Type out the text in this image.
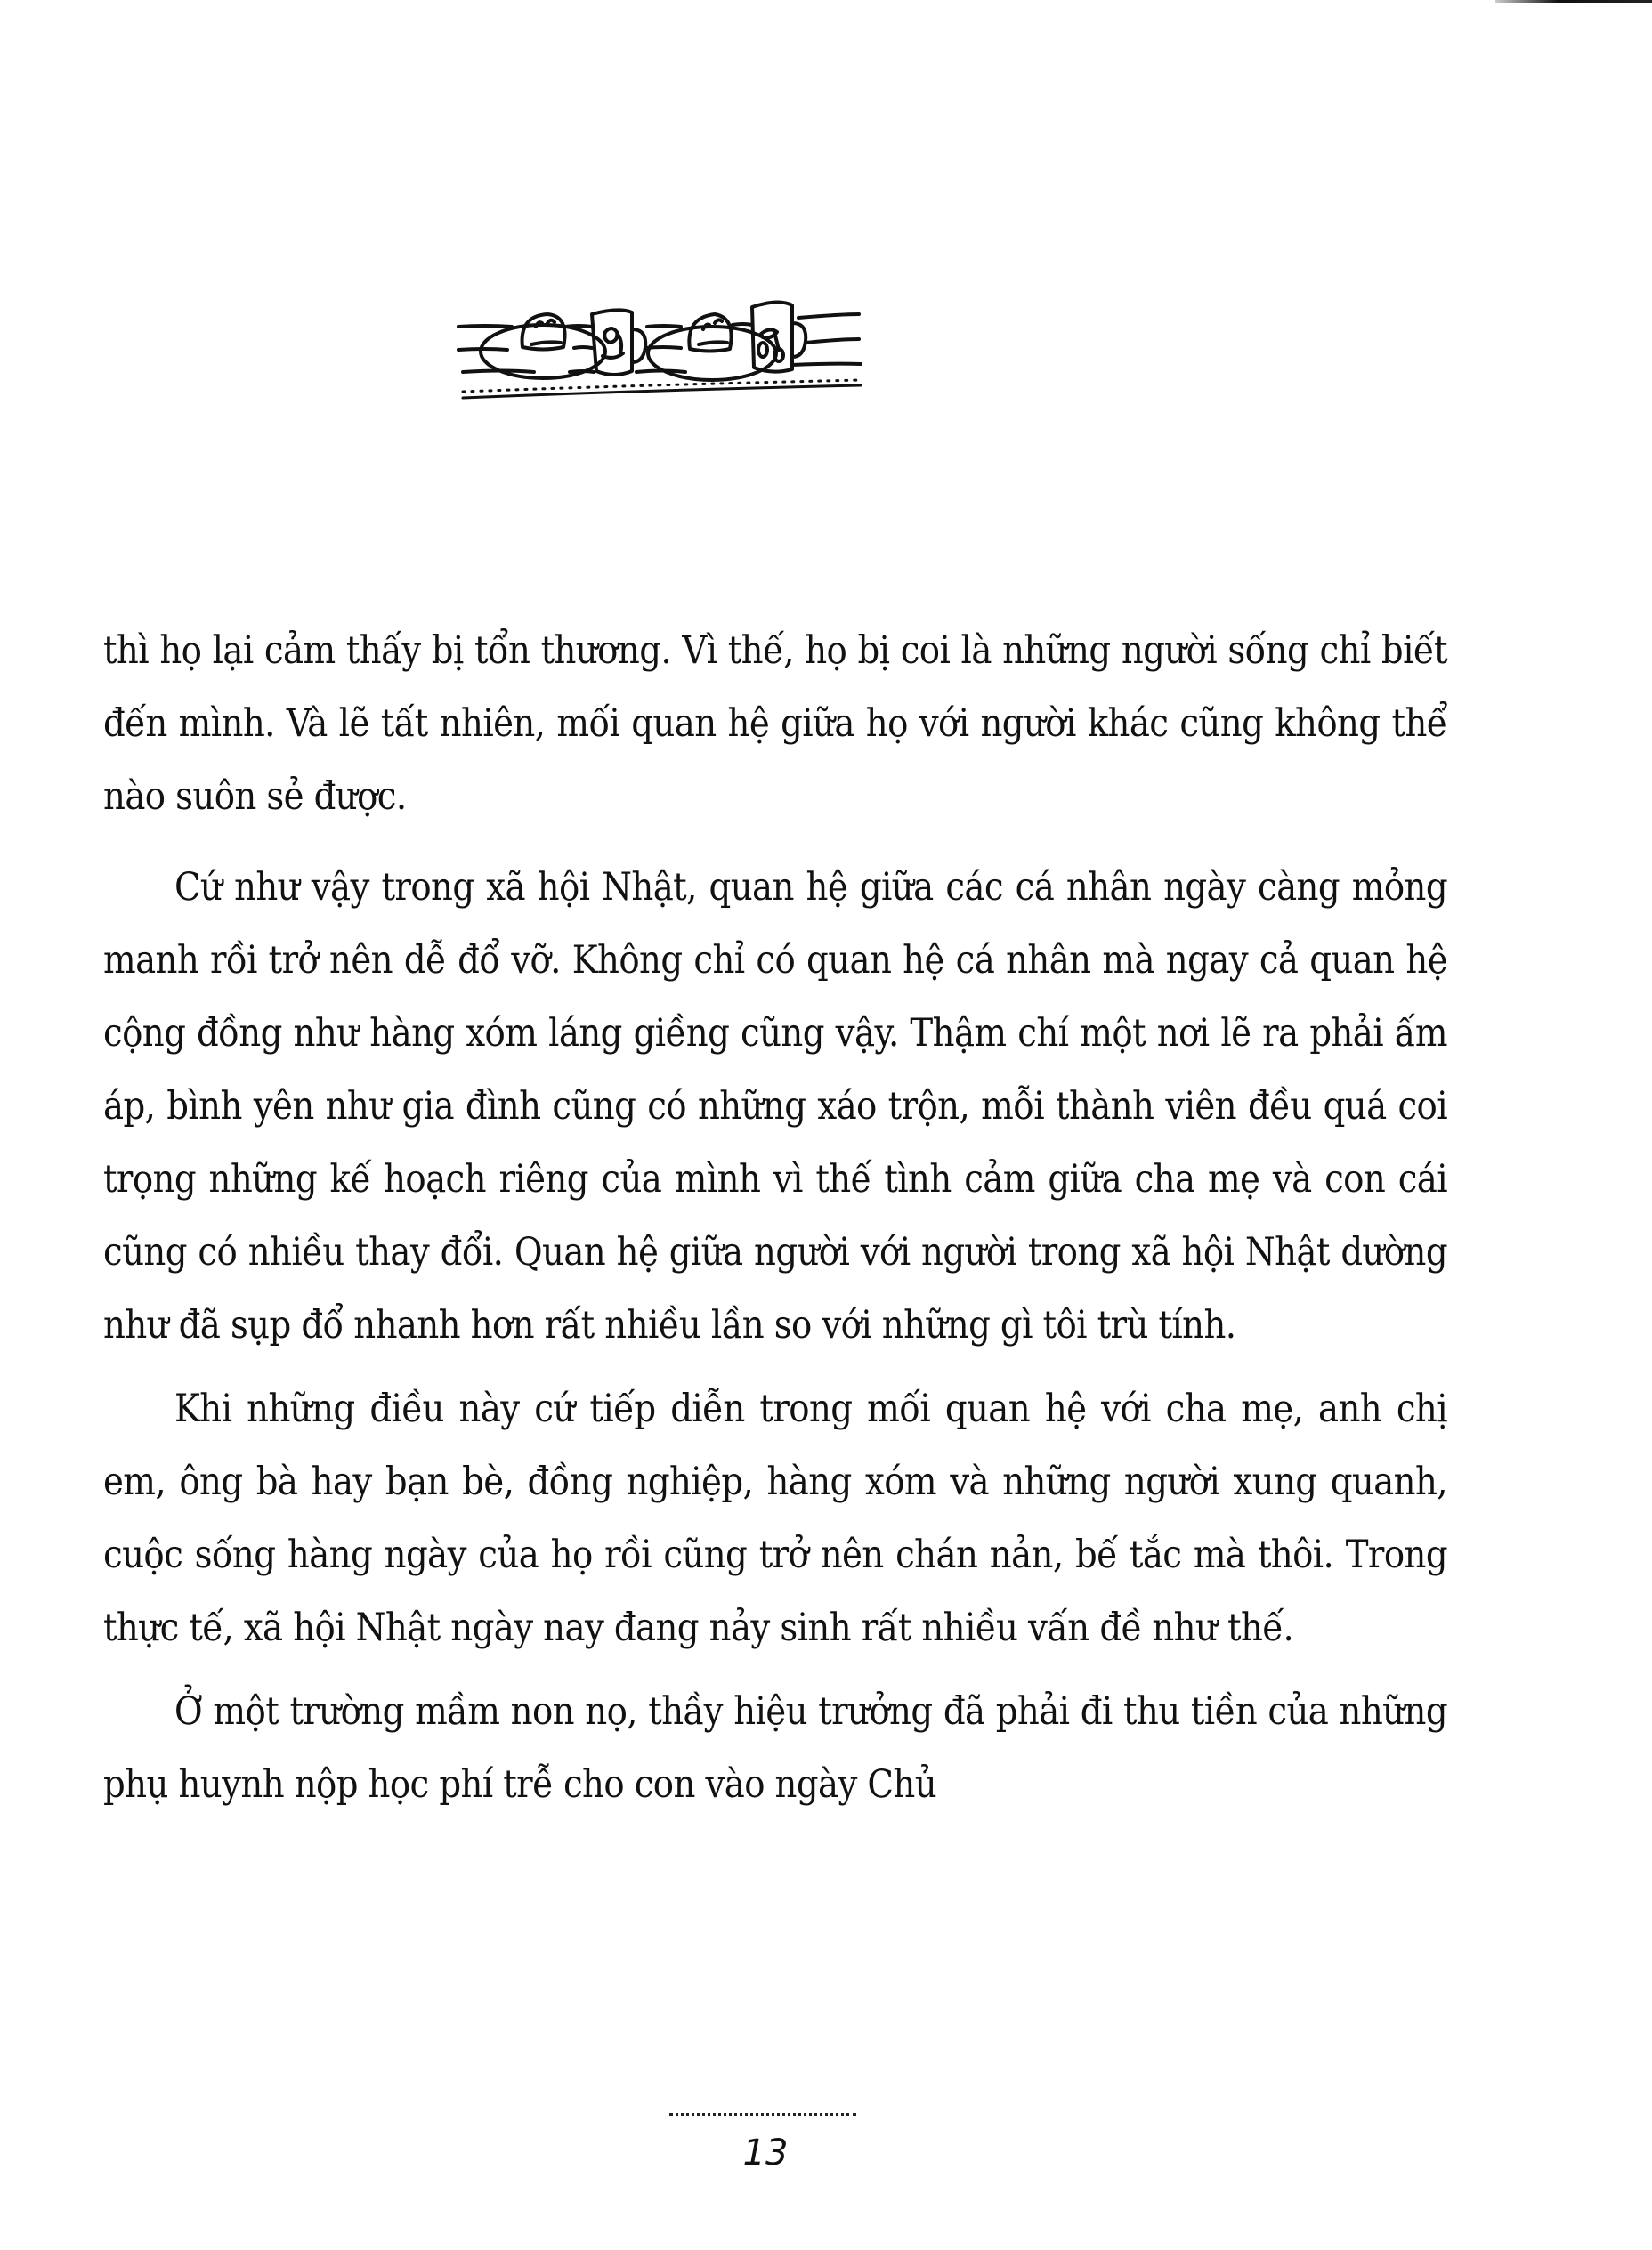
thì họ lại cảm thấy bị tổn thương. Vì thế, họ bị coi là những người sống chỉ biết đến mình. Và lẽ tất nhiên, mối quan hệ giữa họ với người khác cũng không thể nào suôn sẻ được.

Cứ như vậy trong xã hội Nhật, quan hệ giữa các cá nhân ngày càng mỏng manh rồi trở nên dễ đổ vỡ. Không chỉ có quan hệ cá nhân mà ngay cả quan hệ cộng đồng như hàng xóm láng giềng cũng vậy. Thậm chí một nơi lẽ ra phải ấm áp, bình yên như gia đình cũng có những xáo trộn, mỗi thành viên đều quá coi trọng những kế hoạch riêng của mình vì thế tình cảm giữa cha mẹ và con cái cũng có nhiều thay đổi. Quan hệ giữa người với người trong xã hội Nhật dường như đã sụp đổ nhanh hơn rất nhiều lần so với những gì tôi trù tính.

Khi những điều này cứ tiếp diễn trong mối quan hệ với cha mẹ, anh chị em, ông bà hay bạn bè, đồng nghiệp, hàng xóm và những người xung quanh, cuộc sống hàng ngày của họ rồi cũng trở nên chán nản, bế tắc mà thôi. Trong thực tế, xã hội Nhật ngày nay đang nảy sinh rất nhiều vấn đề như thế.

Ở một trường mầm non nọ, thầy hiệu trưởng đã phải đi thu tiền của những phụ huynh nộp học phí trễ cho con vào ngày Chủ

13
